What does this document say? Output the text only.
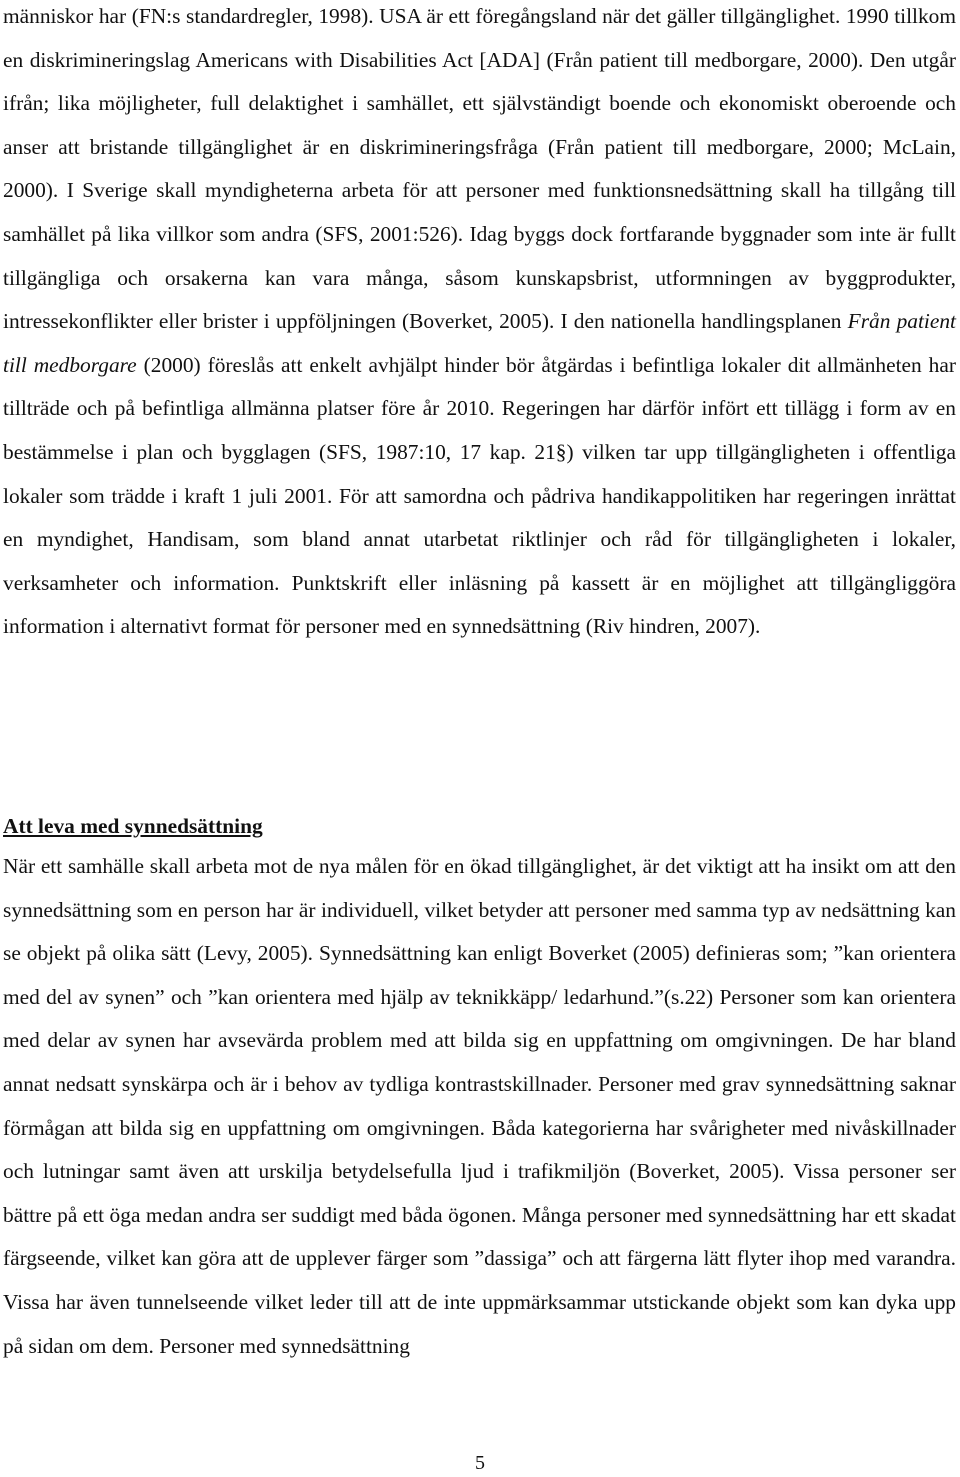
människor har (FN:s standardregler, 1998). USA är ett föregångsland när det gäller tillgänglighet. 1990 tillkom en diskrimineringslag Americans with Disabilities Act [ADA] (Från patient till medborgare, 2000). Den utgår ifrån; lika möjligheter, full delaktighet i samhället, ett självständigt boende och ekonomiskt oberoende och anser att bristande tillgänglighet är en diskrimineringsfråga (Från patient till medborgare, 2000; McLain, 2000). I Sverige skall myndigheterna arbeta för att personer med funktionsnedsättning skall ha tillgång till samhället på lika villkor som andra (SFS, 2001:526). Idag byggs dock fortfarande byggnader som inte är fullt tillgängliga och orsakerna kan vara många, såsom kunskapsbrist, utformningen av byggprodukter, intressekonflikter eller brister i uppföljningen (Boverket, 2005). I den nationella handlingsplanen Från patient till medborgare (2000) föreslås att enkelt avhjälpt hinder bör åtgärdas i befintliga lokaler dit allmänheten har tillträde och på befintliga allmänna platser före år 2010. Regeringen har därför infört ett tillägg i form av en bestämmelse i plan och bygglagen (SFS, 1987:10, 17 kap. 21§) vilken tar upp tillgängligheten i offentliga lokaler som trädde i kraft 1 juli 2001. För att samordna och pådriva handikappolitiken har regeringen inrättat en myndighet, Handisam, som bland annat utarbetat riktlinjer och råd för tillgängligheten i lokaler, verksamheter och information. Punktskrift eller inläsning på kassett är en möjlighet att tillgängliggöra information i alternativt format för personer med en synnedsättning (Riv hindren, 2007).

Att leva med synnedsättning

När ett samhälle skall arbeta mot de nya målen för en ökad tillgänglighet, är det viktigt att ha insikt om att den synnedsättning som en person har är individuell, vilket betyder att personer med samma typ av nedsättning kan se objekt på olika sätt (Levy, 2005). Synnedsättning kan enligt Boverket (2005) definieras som; ”kan orientera med del av synen” och ”kan orientera med hjälp av teknikkäpp/ ledarhund.”(s.22) Personer som kan orientera med delar av synen har avsevärda problem med att bilda sig en uppfattning om omgivningen. De har bland annat nedsatt synskärpa och är i behov av tydliga kontrastskillnader. Personer med grav synnedsättning saknar förmågan att bilda sig en uppfattning om omgivningen. Båda kategorierna har svårigheter med nivåskillnader och lutningar samt även att urskilja betydelsefulla ljud i trafikmiljön (Boverket, 2005). Vissa personer ser bättre på ett öga medan andra ser suddigt med båda ögonen. Många personer med synnedsättning har ett skadat färgseende, vilket kan göra att de upplever färger som ”dassiga” och att färgerna lätt flyter ihop med varandra. Vissa har även tunnelseende vilket leder till att de inte uppmärksammar utstickande objekt som kan dyka upp på sidan om dem. Personer med synnedsättning

5
